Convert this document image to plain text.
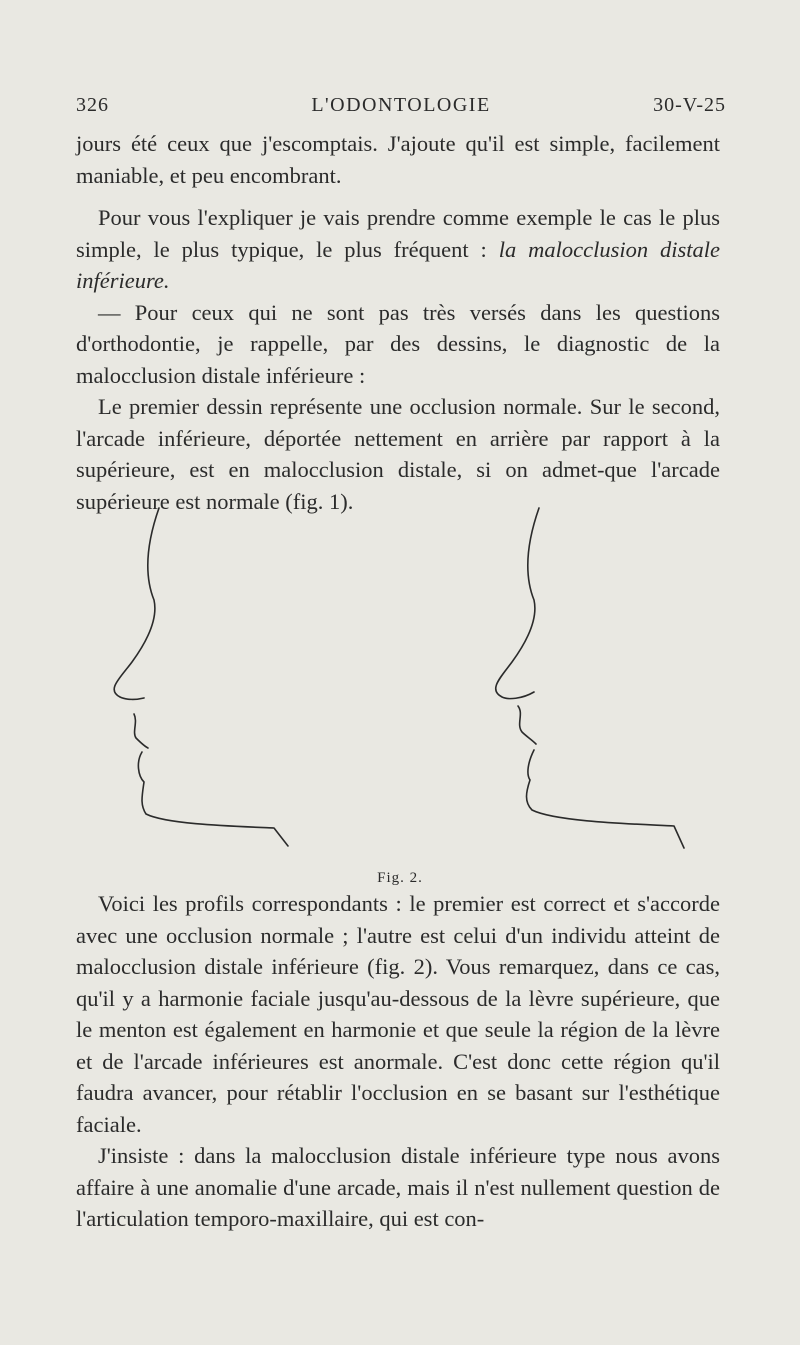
326	L'ODONTOLOGIE	30-V-25

jours été ceux que j'escomptais. J'ajoute qu'il est simple, facilement maniable, et peu encombrant.

Pour vous l'expliquer je vais prendre comme exemple le cas le plus simple, le plus typique, le plus fréquent : la malocclusion distale inférieure.

— Pour ceux qui ne sont pas très versés dans les questions d'orthodontie, je rappelle, par des dessins, le diagnostic de la malocclusion distale inférieure :

Le premier dessin représente une occlusion normale. Sur le second, l'arcade inférieure, déportée nettement en arrière par rapport à la supérieure, est en malocclusion distale, si on admet-que l'arcade supérieure est normale (fig. 1).

Fig. 2.

Voici les profils correspondants : le premier est correct et s'accorde avec une occlusion normale ; l'autre est celui d'un individu atteint de malocclusion distale inférieure (fig. 2). Vous remarquez, dans ce cas, qu'il y a harmonie faciale jusqu'au-dessous de la lèvre supérieure, que le menton est également en harmonie et que seule la région de la lèvre et de l'arcade inférieures est anormale. C'est donc cette région qu'il faudra avancer, pour rétablir l'occlusion en se basant sur l'esthétique faciale.

J'insiste : dans la malocclusion distale inférieure type nous avons affaire à une anomalie d'une arcade, mais il n'est nullement question de l'articulation temporo-maxillaire, qui est con-
